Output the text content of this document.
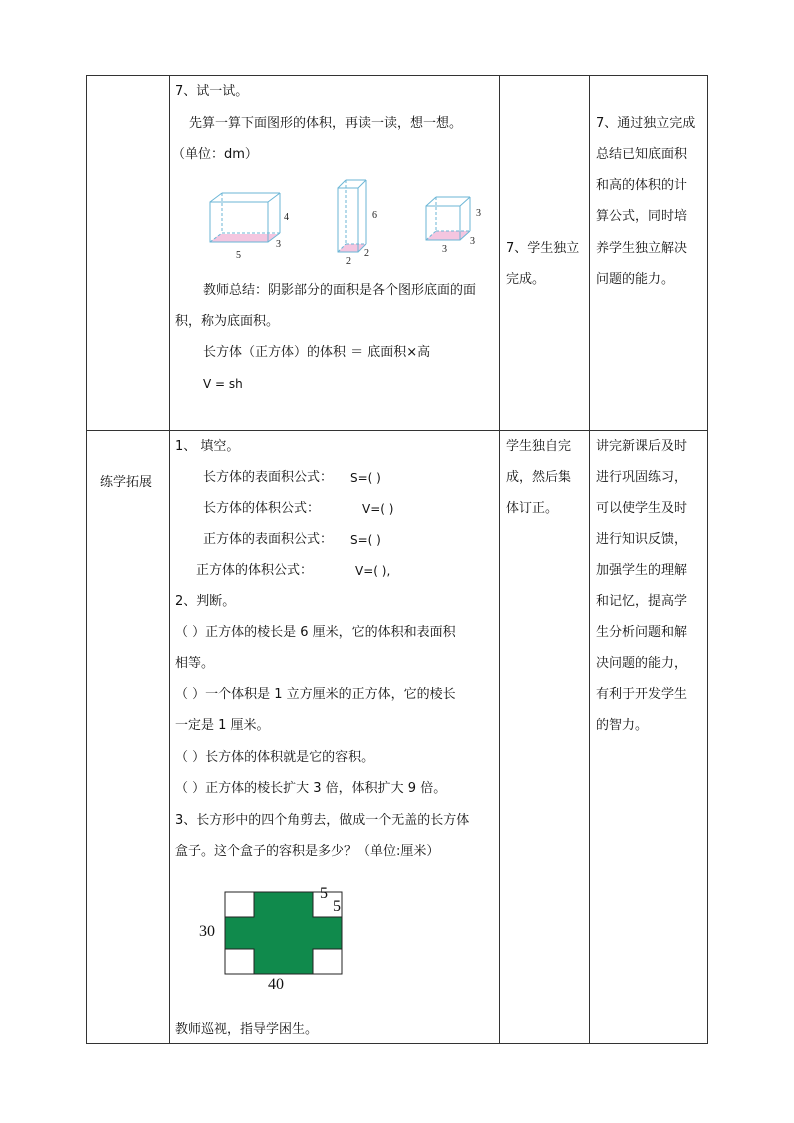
7、试一试。
先算一算下面图形的体积，再读一读，想一想。
（单位：dm）
5
3
4
2
2
6
3
3
3
教师总结：阴影部分的面积是各个图形底面的面
积，称为底面积。
长方体（正方体）的体积 ＝ 底面积×高
V = sh
7、学生独立
完成。
7、通过独立完成
总结已知底面积
和高的体积的计
算公式，同时培
养学生独立解决
问题的能力。
练学拓展
1、 填空。
长方体的表面积公式： S=( )
长方体的体积公式：	V=( )
正方体的表面积公式： S=( )
正方体的体积公式：	V=( ),
2、判断。
（ ）正方体的棱长是 6 厘米，它的体积和表面积
相等。
（ ）一个体积是 1 立方厘米的正方体，它的棱长
一定是 1 厘米。
（ ）长方体的体积就是它的容积。
（ ）正方体的棱长扩大 3 倍，体积扩大 9 倍。
3、长方形中的四个角剪去，做成一个无盖的长方体
盒子。这个盒子的容积是多少？（单位:厘米）
30
40
5
5
教师巡视，指导学困生。
学生独自完
成，然后集
体订正。
讲完新课后及时
进行巩固练习，
可以使学生及时
进行知识反馈，
加强学生的理解
和记忆，提高学
生分析问题和解
决问题的能力，
有利于开发学生
的智力。
